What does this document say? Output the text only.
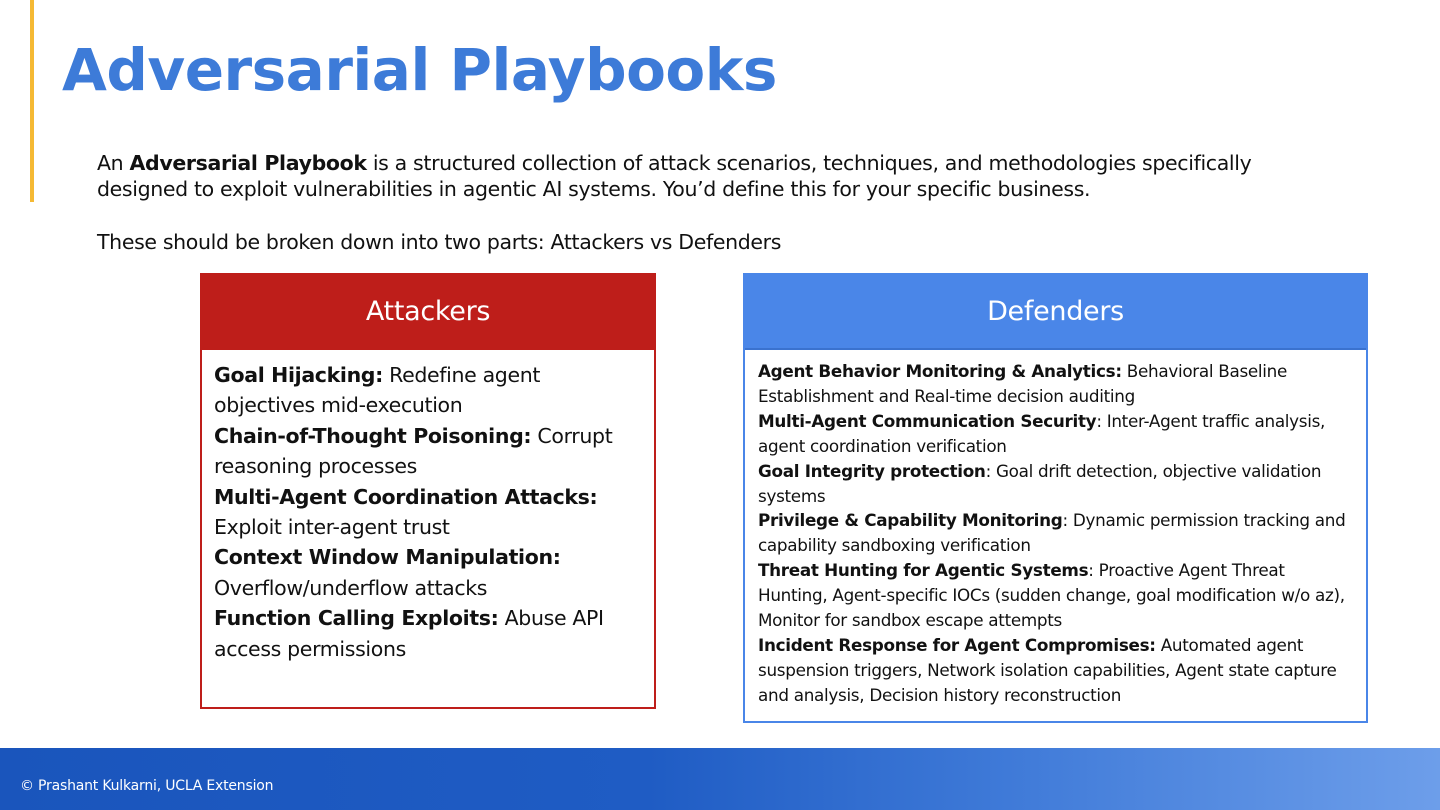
Adversarial Playbooks

An Adversarial Playbook is a structured collection of attack scenarios, techniques, and methodologies specifically designed to exploit vulnerabilities in agentic AI systems. You’d define this for your specific business.

These should be broken down into two parts: Attackers vs Defenders

Attackers

Goal Hijacking: Redefine agent objectives mid-execution

Chain-of-Thought Poisoning: Corrupt reasoning processes

Multi-Agent Coordination Attacks: Exploit inter-agent trust

Context Window Manipulation: Overflow/underflow attacks

Function Calling Exploits: Abuse API access permissions

Defenders

Agent Behavior Monitoring & Analytics: Behavioral Baseline Establishment and Real-time decision auditing

Multi-Agent Communication Security: Inter-Agent traffic analysis, agent coordination verification

Goal Integrity protection: Goal drift detection, objective validation systems

Privilege & Capability Monitoring: Dynamic permission tracking and capability sandboxing verification

Threat Hunting for Agentic Systems: Proactive Agent Threat Hunting, Agent-specific IOCs (sudden change, goal modification w/o az), Monitor for sandbox escape attempts

Incident Response for Agent Compromises: Automated agent suspension triggers, Network isolation capabilities, Agent state capture and analysis, Decision history reconstruction

© Prashant Kulkarni, UCLA Extension
